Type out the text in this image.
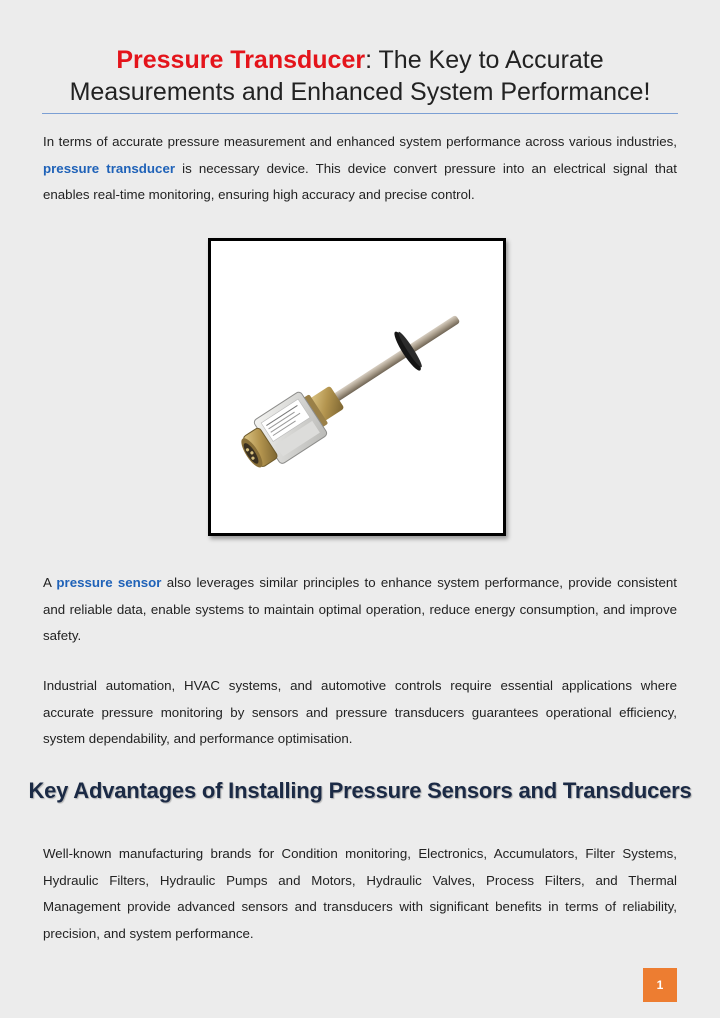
Pressure Transducer: The Key to Accurate Measurements and Enhanced System Performance!

In terms of accurate pressure measurement and enhanced system performance across various industries, pressure transducer is necessary device. This device convert pressure into an electrical signal that enables real-time monitoring, ensuring high accuracy and precise control.

A pressure sensor also leverages similar principles to enhance system performance, provide consistent and reliable data, enable systems to maintain optimal operation, reduce energy consumption, and improve safety.

Industrial automation, HVAC systems, and automotive controls require essential applications where accurate pressure monitoring by sensors and pressure transducers guarantees operational efficiency, system dependability, and performance optimisation.

Key Advantages of Installing Pressure Sensors and Transducers

Well-known manufacturing brands for Condition monitoring, Electronics, Accumulators, Filter Systems, Hydraulic Filters, Hydraulic Pumps and Motors, Hydraulic Valves, Process Filters, and Thermal Management provide advanced sensors and transducers with significant benefits in terms of reliability, precision, and system performance.

1
